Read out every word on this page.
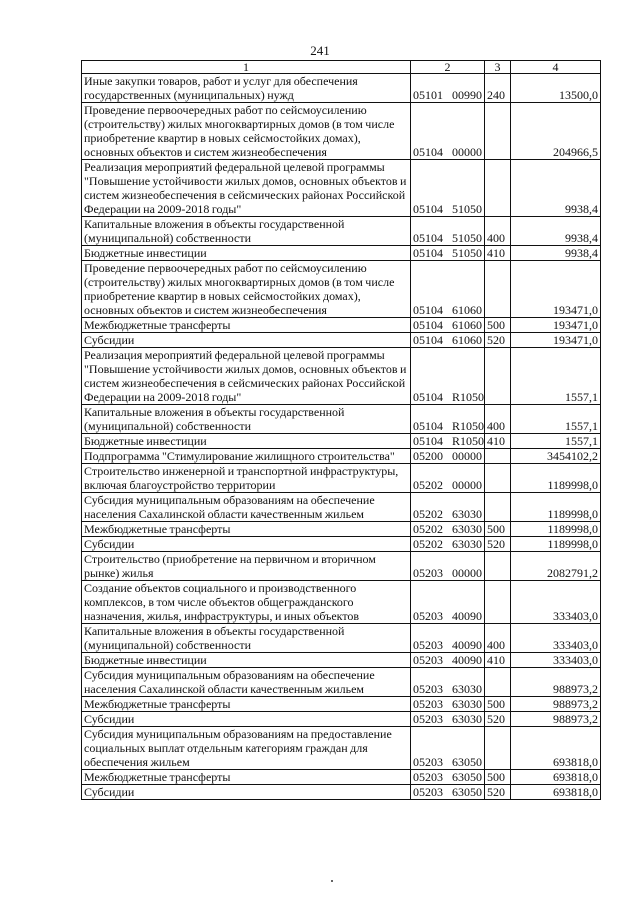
241
1	2	3	4
Иные закупки товаров, работ и услуг для обеспечения государственных (муниципальных) нужд	05101 00990	240	13500,0
Проведение первоочередных работ по сейсмоусилению (строительству) жилых многоквартирных домов (в том числе приобретение квартир в новых сейсмостойких домах), основных объектов и систем жизнеобеспечения	05104 00000		204966,5
Реализация мероприятий федеральной целевой программы "Повышение устойчивости жилых домов, основных объектов и систем жизнеобеспечения в сейсмических районах Российской Федерации на 2009-2018 годы"	05104 51050		9938,4
Капитальные вложения в объекты государственной (муниципальной) собственности	05104 51050	400	9938,4
Бюджетные инвестиции	05104 51050	410	9938,4
Проведение первоочередных работ по сейсмоусилению (строительству) жилых многоквартирных домов (в том числе приобретение квартир в новых сейсмостойких домах), основных объектов и систем жизнеобеспечения	05104 61060		193471,0
Межбюджетные трансферты	05104 61060	500	193471,0
Субсидии	05104 61060	520	193471,0
Реализация мероприятий федеральной целевой программы "Повышение устойчивости жилых домов, основных объектов и систем жизнеобеспечения в сейсмических районах Российской Федерации на 2009-2018 годы"	05104 R1050		1557,1
Капитальные вложения в объекты государственной (муниципальной) собственности	05104 R1050	400	1557,1
Бюджетные инвестиции	05104 R1050	410	1557,1
Подпрограмма "Стимулирование жилищного строительства"	05200 00000		3454102,2
Строительство инженерной и транспортной инфраструктуры, включая благоустройство территории	05202 00000		1189998,0
Субсидия муниципальным образованиям на обеспечение населения Сахалинской области качественным жильем	05202 63030		1189998,0
Межбюджетные трансферты	05202 63030	500	1189998,0
Субсидии	05202 63030	520	1189998,0
Строительство (приобретение на первичном и вторичном рынке) жилья	05203 00000		2082791,2
Создание объектов социального и производственного комплексов, в том числе объектов общегражданского назначения, жилья, инфраструктуры, и иных объектов	05203 40090		333403,0
Капитальные вложения в объекты государственной (муниципальной) собственности	05203 40090	400	333403,0
Бюджетные инвестиции	05203 40090	410	333403,0
Субсидия муниципальным образованиям на обеспечение населения Сахалинской области качественным жильем	05203 63030		988973,2
Межбюджетные трансферты	05203 63030	500	988973,2
Субсидии	05203 63030	520	988973,2
Субсидия муниципальным образованиям на предоставление социальных выплат отдельным категориям граждан для обеспечения жильем	05203 63050		693818,0
Межбюджетные трансферты	05203 63050	500	693818,0
Субсидии	05203 63050	520	693818,0
